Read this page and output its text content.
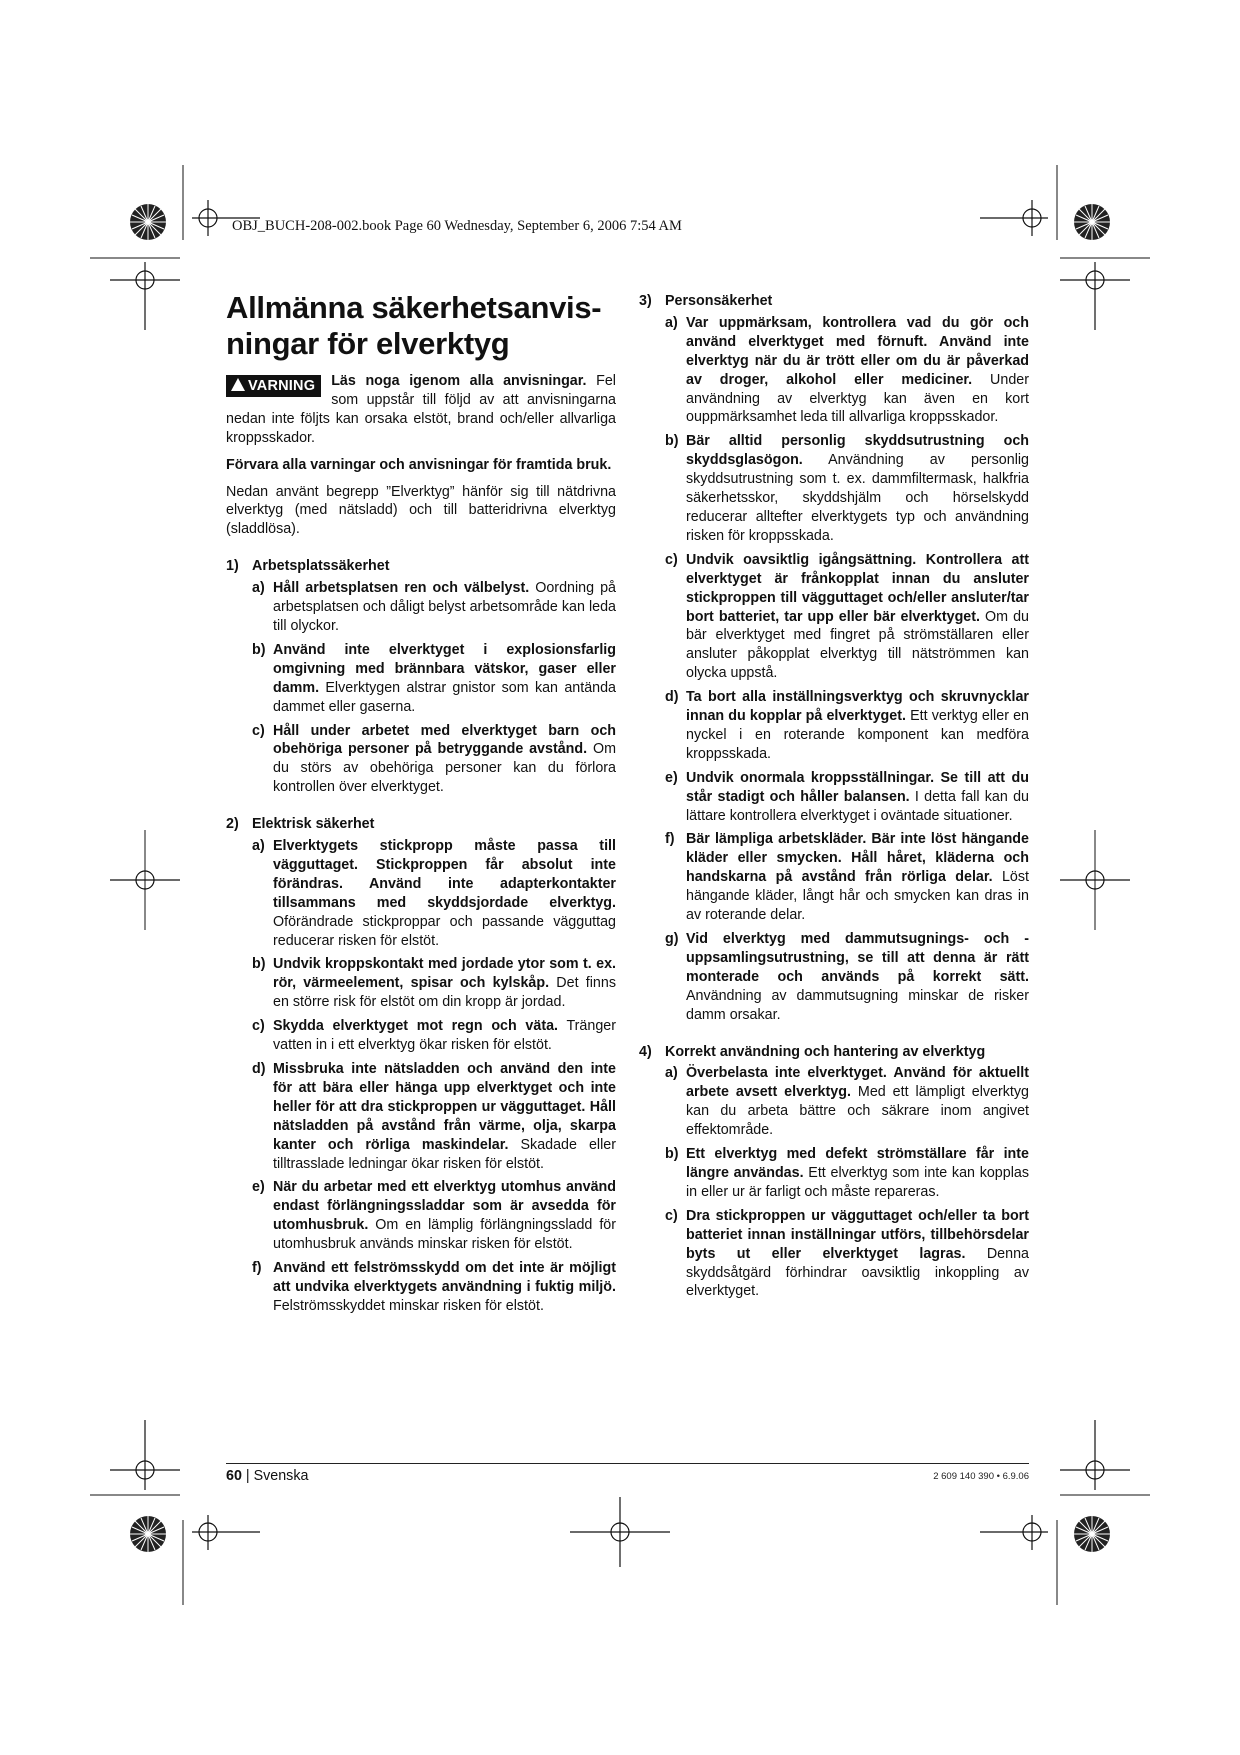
OBJ_BUCH-208-002.book Page 60 Wednesday, September 6, 2006 7:54 AM
Allmänna säkerhetsanvis-
ningar för elverktyg
VARNING	Läs noga igenom alla anvisningar. Fel som uppstår till följd av att anvisningarna nedan inte följts kan orsaka elstöt, brand och/eller allvarliga kroppsskador.

Förvara alla varningar och anvisningar för framtida bruk.

Nedan använt begrepp ”Elverktyg” hänför sig till nätdrivna elverktyg (med nätsladd) och till batteridrivna elverktyg (sladdlösa).

1) Arbetsplatssäkerhet
a) Håll arbetsplatsen ren och välbelyst. Oordning på arbetsplatsen och dåligt belyst arbetsområde kan leda till olyckor.
b) Använd inte elverktyget i explosionsfarlig omgivning med brännbara vätskor, gaser eller damm. Elverktygen alstrar gnistor som kan antända dammet eller gaserna.
c) Håll under arbetet med elverktyget barn och obehöriga personer på betryggande avstånd. Om du störs av obehöriga personer kan du förlora kontrollen över elverktyget.
2) Elektrisk säkerhet
a) Elverktygets stickpropp måste passa till vägguttaget. Stickproppen får absolut inte förändras. Använd inte adapterkontakter tillsammans med skyddsjordade elverktyg. Oförändrade stickproppar och passande vägguttag reducerar risken för elstöt.
b) Undvik kroppskontakt med jordade ytor som t. ex. rör, värmeelement, spisar och kylskåp. Det finns en större risk för elstöt om din kropp är jordad.
c) Skydda elverktyget mot regn och väta. Tränger vatten in i ett elverktyg ökar risken för elstöt.
d) Missbruka inte nätsladden och använd den inte för att bära eller hänga upp elverktyget och inte heller för att dra stickproppen ur vägguttaget. Håll nätsladden på avstånd från värme, olja, skarpa kanter och rörliga maskindelar. Skadade eller tilltrasslade ledningar ökar risken för elstöt.
e) När du arbetar med ett elverktyg utomhus använd endast förlängningssladdar som är avsedda för utomhusbruk. Om en lämplig förlängningssladd för utomhusbruk används minskar risken för elstöt.
f) Använd ett felströmsskydd om det inte är möjligt att undvika elverktygets användning i fuktig miljö. Felströmsskyddet minskar risken för elstöt.
3) Personsäkerhet
a) Var uppmärksam, kontrollera vad du gör och använd elverktyget med förnuft. Använd inte elverktyg när du är trött eller om du är påverkad av droger, alkohol eller mediciner. Under användning av elverktyg kan även en kort ouppmärksamhet leda till allvarliga kroppsskador.
b) Bär alltid personlig skyddsutrustning och skyddsglasögon. Användning av personlig skyddsutrustning som t. ex. dammfiltermask, halkfria säkerhetsskor, skyddshjälm och hörselskydd reducerar alltefter elverktygets typ och användning risken för kroppsskada.
c) Undvik oavsiktlig igångsättning. Kontrollera att elverktyget är frånkopplat innan du ansluter stickproppen till vägguttaget och/eller ansluter/tar bort batteriet, tar upp eller bär elverktyget. Om du bär elverktyget med fingret på strömställaren eller ansluter påkopplat elverktyg till nätströmmen kan olycka uppstå.
d) Ta bort alla inställningsverktyg och skruvnycklar innan du kopplar på elverktyget. Ett verktyg eller en nyckel i en roterande komponent kan medföra kroppsskada.
e) Undvik onormala kroppsställningar. Se till att du står stadigt och håller balansen. I detta fall kan du lättare kontrollera elverktyget i oväntade situationer.
f) Bär lämpliga arbetskläder. Bär inte löst hängande kläder eller smycken. Håll håret, kläderna och handskarna på avstånd från rörliga delar. Löst hängande kläder, långt hår och smycken kan dras in av roterande delar.
g) Vid elverktyg med dammutsugnings- och -uppsamlingsutrustning, se till att denna är rätt monterade och används på korrekt sätt. Användning av dammutsugning minskar de risker damm orsakar.
4) Korrekt användning och hantering av elverktyg
a) Överbelasta inte elverktyget. Använd för aktuellt arbete avsett elverktyg. Med ett lämpligt elverktyg kan du arbeta bättre och säkrare inom angivet effektområde.
b) Ett elverktyg med defekt strömställare får inte längre användas. Ett elverktyg som inte kan kopplas in eller ur är farligt och måste repareras.
c) Dra stickproppen ur vägguttaget och/eller ta bort batteriet innan inställningar utförs, tillbehörsdelar byts ut eller elverktyget lagras. Denna skyddsåtgärd förhindrar oavsiktlig inkoppling av elverktyget.
60 | Svenska	2 609 140 390 • 6.9.06
